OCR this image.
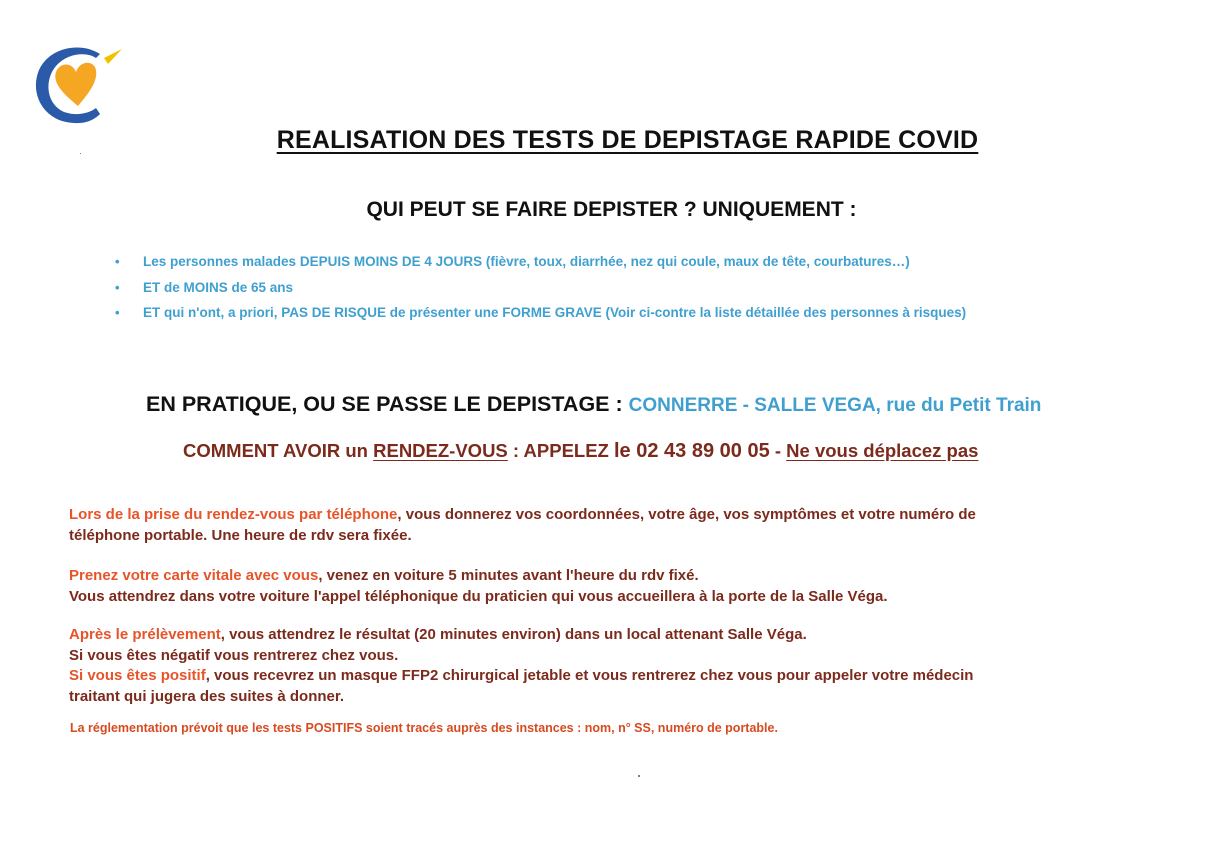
REALISATION DES TESTS DE DEPISTAGE RAPIDE COVID
QUI PEUT SE FAIRE DEPISTER ? UNIQUEMENT :
• Les personnes malades DEPUIS MOINS DE 4 JOURS (fièvre, toux, diarrhée, nez qui coule, maux de tête, courbatures…)
• ET de MOINS de 65 ans
• ET qui n'ont, a priori, PAS DE RISQUE de présenter une FORME GRAVE (Voir ci-contre la liste détaillée des personnes à risques)
EN PRATIQUE, OU SE PASSE LE DEPISTAGE : CONNERRE - SALLE VEGA, rue du Petit Train
COMMENT AVOIR un RENDEZ-VOUS : APPELEZ le 02 43 89 00 05 - Ne vous déplacez pas
Lors de la prise du rendez-vous par téléphone, vous donnerez vos coordonnées, votre âge, vos symptômes et votre numéro de
téléphone portable. Une heure de rdv sera fixée.
Prenez votre carte vitale avec vous, venez en voiture 5 minutes avant l'heure du rdv fixé.
Vous attendrez dans votre voiture l'appel téléphonique du praticien qui vous accueillera à la porte de la Salle Véga.
Après le prélèvement, vous attendrez le résultat (20 minutes environ) dans un local attenant Salle Véga.
Si vous êtes négatif vous rentrerez chez vous.
Si vous êtes positif, vous recevrez un masque FFP2 chirurgical jetable et vous rentrerez chez vous pour appeler votre médecin
traitant qui jugera des suites à donner.
La réglementation prévoit que les tests POSITIFS soient tracés auprès des instances : nom, n° SS, numéro de portable.
